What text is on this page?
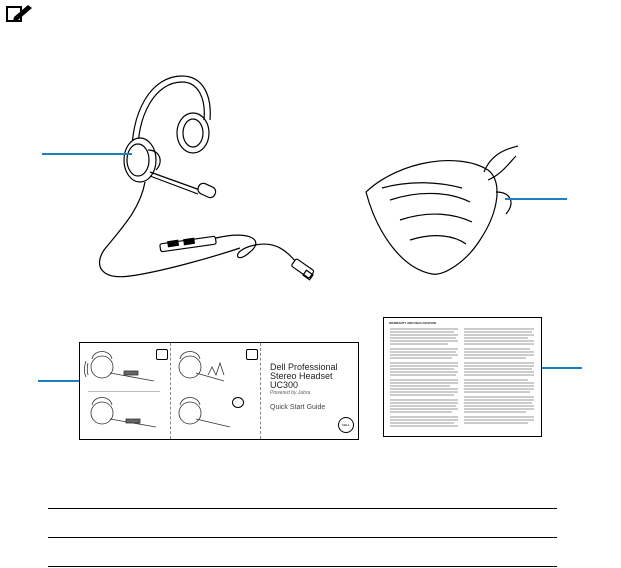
Dell Professional
Stereo Headset UC300
Powered by Jabra
Quick Start Guide
DELL
WARRANTY AND DECLARATION
